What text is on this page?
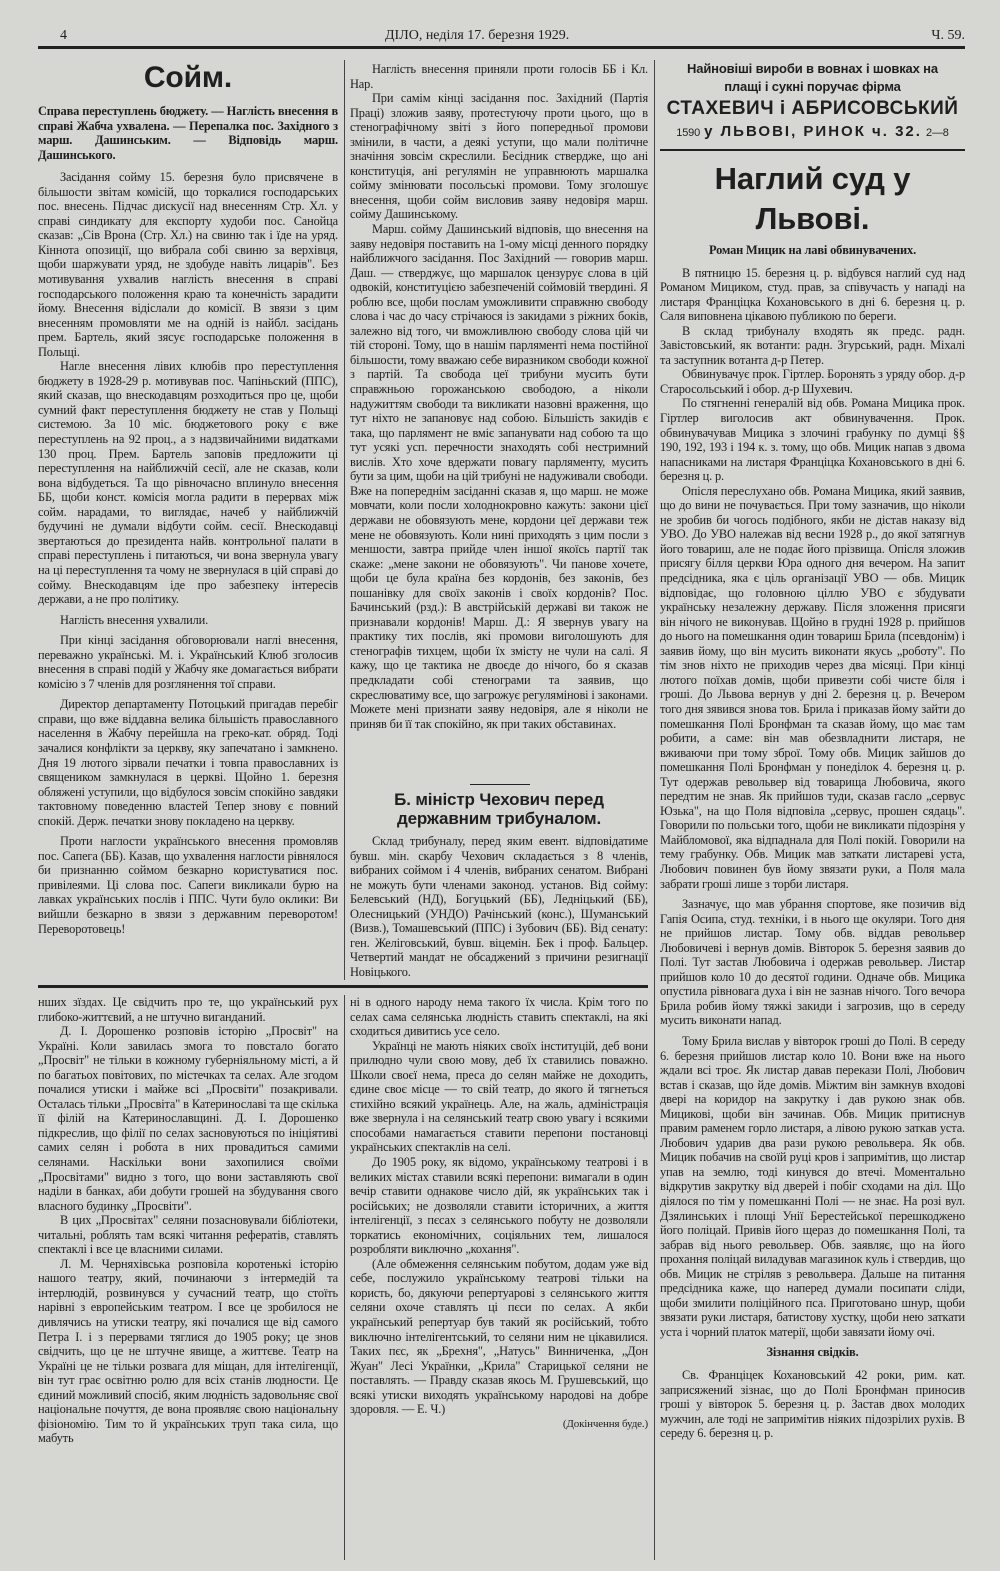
4	ДІЛО, неділя 17. березня 1929.	Ч. 59.

Сойм.

Справа переступлень бюджету. — Наглість внесення в справі Жабча ухвалена. — Перепалка пос. Західного з марш. Дашинським. — Відповідь марш. Дашинського.

Засідання сойму 15. березня було присвячене в більшости звітам комісій, що торкалися господарських пос. внесень. Підчас дискусії над внесенням Стр. Хл. у справі синдикату для експорту худоби пос. Санойца сказав: „Сів Врона (Стр. Хл.) на свиню так і їде на уряд. Кіннота опозиції, що вибрала собі свиню за верхівця, щоби шаржувати уряд, не здобуде навіть лицарів". Без мотивування ухвалив наглість внесення в справі господарського положення краю та конечність зарадити йому. Внесення відіслали до комісії. В звязи з цим внесенням промовляти ме на одній із найбл. засідань прем. Бартель, який зясує господарське положення в Польщі.

Нагле внесення лівих клюбів про переступлення бюджету в 1928-29 р. мотивував пос. Чапіньский (ППС), який сказав, що внескодавцям розходиться про це, щоби сумний факт переступлення бюджету не став у Польщі системою. За 10 міс. бюджетового року є вже переступлень на 92 проц., а з надзвичайними видатками 130 проц. Прем. Бартель заповів предложити ці переступлення на найближчій сесії, але не сказав, коли вона відбудеться. Та що рівночасно вплинуло внесення ББ, щоби конст. комісія могла радити в перервах між сойм. нарадами, то виглядає, начеб у найближчій будучині не думали відбути сойм. сесії. Внескодавці звертаються до президента найв. контрольної палати в справі переступлень і питаються, чи вона звернула увагу на ці переступлення та чому не звернулася в цій справі до сойму. Внескодавцям іде про забезпеку інтересів держави, а не про політику.

Наглість внесення ухвалили.

При кінці засідання обговорювали наглі внесення, переважно українські. М. і. Український Клюб зголосив внесення в справі подій у Жабчу яке домагається вибрати комісію з 7 членів для розглянення тої справи.

Директор департаменту Потоцький пригадав перебіг справи, що вже віддавна велика більшість православного населення в Жабчу перейшла на греко-кат. обряд. Тоді зачалися конфлікти за церкву, яку запечатано і замкнено. Дня 19 лютого зірвали печатки і товпа православних із священиком замкнулася в церкві. Щойно 1. березня обляжені уступили, що відбулося зовсім спокійно завдяки тактовному поведенню властей Тепер знову є повний спокій. Держ. печатки знову покладено на церкву.

Проти наглости українського внесення промовляв пос. Сапега (ББ). Казав, що ухвалення наглости рівнялося би признанню соймом безкарно користуватися пос. привілеями. Ці слова пос. Сапеги викликали бурю на лавках українських послів і ППС. Чути було оклики: Ви вийшли безкарно в звязи з державним переворотом! Переворотовець!

Наглість внесення приняли проти голосів ББ і Кл. Нар.

При самім кінці засідання пос. Західний (Партія Праці) зложив заяву, протестуючу проти цього, що в стенографічному звіті з його попередньої промови змінили, в части, а деякі уступи, що мали політичне значіння зовсім скреслили. Бесідник ствердже, що ані конституція, ані регулямін не управнюють маршалка сойму змінювати посольські промови. Тому зголошує внесення, щоби сойм висловив заяву недовіря марш. сойму Дашинському.

Марш. сойму Дашинський відповів, що внесення на заяву недовіря поставить на 1-ому місці денного порядку найближчого засідання. Пос Західний — говорив марш. Даш. — стверджує, що маршалок цензурує слова в цій одвокій, конституцією забезпеченій соймовій твердині. Я роблю все, щоби послам уможливити справжню свободу слова і час до часу стрічаюся із закидами з ріжних боків, залежно від того, чи вможливлюю свободу слова цій чи тій стороні. Тому, що в нашім парляменті нема постійної більшости, тому вважаю себе виразником свободи кожної з партій. Та свобода цеї трибуни мусить бути справжньою горожанською свободою, а ніколи надужиттям свободи та викликати назовні враження, що тут ніхто не запановує над собою. Більшість закидів є така, що парлямент не вміє запанувати над собою та що тут усякі усп. перечности знаходять собі нестримний вислів. Хто хоче вдержати повагу парляменту, мусить бути за цим, щоби на цій трибуні не надуживали свободи. Вже на попереднім засіданні сказав я, що марш. не може мовчати, коли посли холоднокровно кажуть: закони цієї держави не обовязують мене, кордони цеї держави теж мене не обовязують. Коли нині приходять з цим посли з меншости, завтра прийде член іншої якоїсь партії так скаже: „мене закони не обовязують". Чи панове хочете, щоби це була країна без кордонів, без законів, без пошанівку для своїх законів і своїх кордонів? Пос. Бачинський (рзд.): В австрійській державі ви також не признавали кордонів! Марш. Д.: Я звернув увагу на практику тих послів, які промови виголошують для стенографів тихцем, щоби їх змісту не чули на салі. Я кажу, що це тактика не двоєде до нічого, бо я сказав предкладати собі стенограми та заявив, що скреслюватиму все, що загрожує регулямінові і законами. Можете мені признати заяву недовіря, але я ніколи не приняв би її так спокійно, як при таких обставинах.

Б. міністр Чехович перед державним трибуналом.

Склад трибуналу, перед яким евент. відповідатиме бувш. мін. скарбу Чехович складається з 8 членів, вибраних соймом і 4 членів, вибраних сенатом. Вибрані не можуть бути членами законод. установ. Від сойму: Белевський (НД), Богуцький (ББ), Ледніцький (ББ), Олесницький (УНДО) Рачінський (конс.), Шуманський (Визв.), Томашевський (ППС) і Зубович (ББ). Від сенату: ген. Желіговський, бувш. віцемін. Бек і проф. Бальцер. Четвертий мандат не обсаджений з причини резигнації Новіцького.

Найновіші вироби в вовнах і шовках на
плащі і сукні поручає фірма
СТАХЕВИЧ і АБРИСОВСЬКИЙ
1590 у ЛЬВОВІ, РИНОК ч. 32. 2—8

Наглий суд у Львові.

Роман Мицик на лаві обвинувачених.

В пятницю 15. березня ц. р. відбувся наглий суд над Романом Мициком, студ. прав, за співучасть у нападі на листаря Франціцка Кохановського в дні 6. березня ц. р. Саля виповнена цікавою публикою по береги.

В склад трибуналу входять як предс. радн. Завістовський, як вотанти: радн. Згурський, радн. Міхалі та заступник вотанта д-р Петер.

Обвинувачує прок. Гіртлер. Боронять з уряду обор. д-р Старосольський і обор. д-р Шухевич.

По стягненні генералій від обв. Романа Мицика прок. Гіртлер виголосив акт обвинувачення. Прок. обвинувачував Мицика з злочині грабунку по думці §§ 190, 192, 193 і 194 к. з. тому, що обв. Мицик напав з двома напасниками на листаря Франціцка Кохановського в дні 6. березня ц. р.

Опісля переслухано обв. Романа Мицика, який заявив, що до вини не почувається. При тому зазначив, що ніколи не зробив би чогось подібного, якби не дістав наказу від УВО. До УВО належав від весни 1928 р., до якої затягнув його товариш, але не подає його прізвища. Опісля зложив присягу білля церкви Юра одного дня вечером. На запит предсідника, яка є ціль організації УВО — обв. Мицик відповідає, що головною ціллю УВО є збудувати українську незалежну державу. Після зложення присяги він нічого не виконував. Щойно в грудні 1928 р. прийшов до нього на помешкання один товариш Брила (псевдонім) і заявив йому, що він мусить виконати якусь „роботу". По тім знов ніхто не приходив через два місяці. При кінці лютого поїхав домів, щоби привезти собі чисте біля і гроші. До Львова вернув у дні 2. березня ц. р. Вечером того дня зявився знова тов. Брила і приказав йому зайти до помешкання Полі Бронфман та сказав йому, що має там робити, а саме: він мав обезвладнити листаря, не вживаючи при тому зброї. Тому обв. Мицик зайшов до помешкання Полі Бронфман у понеділок 4. березня ц. р. Тут одержав револьвер від товарища Любовича, якого передтим не знав. Як прийшов туди, сказав гасло „сервус Юзька", на що Поля відповіла „сервус, прошен сядаць". Говорили по польськи того, щоби не викликати підозріня у Майбломової, яка відпаднала для Полі покій. Говорили на тему грабунку. Обв. Мицик мав заткати листареві уста, Любович повинен був йому звязати руки, а Поля мала забрати гроші лише з торби листаря.

Зазначує, що мав убрання спортове, яке позичив від Гапія Осипа, студ. техніки, і в нього ще окуляри. Того дня не прийшов листар. Тому обв. віддав револьвер Любовичеві і вернув домів. Вівторок 5. березня заявив до Полі. Тут застав Любовича і одержав револьвер. Листар прийшов коло 10 до десятої години. Одначе обв. Мицика опустила рівновага духа і він не зазнав нічого. Того вечора Брила робив йому тяжкі закиди і загрозив, що в середу мусить виконати напад.

Тому Брила вислав у вівторок гроші до Полі. В середу 6. березня прийшов листар коло 10. Вони вже на нього ждали всі троє. Як листар давав перекази Полі, Любович встав і сказав, що йде домів. Міжтим він замкнув входові двері на коридор на закрутку і дав рукою знак обв. Мицикові, щоби він зачинав. Обв. Мицик притиснув правим раменем горло листаря, а лівою рукою заткав уста. Любович ударив два рази рукою револьвера. Як обв. Мицик побачив на своїй руці кров і запримітив, що листар упав на землю, тоді кинувся до втечі. Моментально відкрутив закрутку від дверей і побіг сходами на діл. Що діялося по тім у помешканні Полі — не знає. На розі вул. Дзялинських і площі Унії Берестейської перешкоджено його поліцай. Привів його щераз до помешкання Полі, та забрав від нього револьвер. Обв. заявляє, що на його прохання поліцай виладував магазинок куль і ствердив, що обв. Мицик не стріляв з револьвера. Дальше на питання предсідника каже, що наперед думали посипати сліди, щоби змилити поліційного пса. Приготовано шнур, щоби звязати руки листаря, батистову хустку, щоби нею заткати уста і чорний платок матерії, щоби завязати йому очі.

Зізнання свідків.

Св. Франціцек Кохановський 42 роки, рим. кат. заприсяжений зізнає, що до Полі Бронфман приносив гроші у вівторок 5. березня ц. р. Застав двох молодих мужчин, але тоді не запримітив ніяких підозрілих рухів. В середу 6. березня ц. р.

нших зїздах. Це свідчить про те, що український рух глибоко-життєвий, а не штучно виганданий.

Д. І. Дорошенко розповів історію „Просвіт" на Україні. Коли завилась змога то повстало богато „Просвіт" не тільки в кожному губерніяльному місті, а й по багатьох повітових, по містечках та селах. Але згодом почалися утиски і майже всі „Просвіти" позакривали. Осталась тільки „Просвіта" в Катеринославі та ще скілька її філій на Катеринославщині. Д. І. Дорошенко підкреслив, що філії по селах засновуються по ініціятиві самих селян і робота в них провадиться самими селянами. Наскільки вони захопилися своїми „Просвітами" видно з того, що вони заставляють свої наділи в банках, аби добути грошей на збудування свого власного будинку „Просвіти".

В цих „Просвітах" селяни позасновували бібліотеки, читальні, роблять там всякі читання рефератів, ставлять спектаклі і все це власними силами.

Л. М. Черняхівська розповіла коротенькі історію нашого театру, який, починаючи з інтермедій та інтерлюдій, розвинувся у сучасний театр, що стоїть нарівні з европейським театром. І все це зробилося не дивлячись на утиски театру, які почалися ще від самого Петра І. і з перервами тяглися до 1905 року; це знов свідчить, що це не штучне явище, а життєве. Театр на Україні це не тільки розвага для міщан, для інтелігенції, він тут грає освітню ролю для всіх станів людности. Це єдиний можливий спосіб, яким людність задовольняє свої національне почуття, де вона проявляє свою національну фізіономію. Тим то й українських труп така сила, що мабуть

ні в одного народу нема такого їх числа. Крім того по селах сама селянська людність ставить спектаклі, на які сходиться дивитись усе село.

Українці не мають ніяких своїх інституцій, деб вони прилюдно чули свою мову, деб їх ставились поважно. Школи своєї нема, преса до селян майже не доходить, єдине своє місце — то свій театр, до якого й тягнеться стихійно всякий українець. Але, на жаль, адміністрація вже звернула і на селянський театр свою увагу і всякими способами намагається ставити перепони постановці українських спектаклів на селі.

До 1905 року, як відомо, українському театрові і в великих містах ставили всякі перепони: вимагали в один вечір ставити однакове число дій, як українських так і російських; не дозволяли ставити історичних, а життя інтелігенції, з пєсах з селянського побуту не дозволяли торкатись економічних, соціяльних тем, лишалося розробляти виключно „кохання".

(Але обмеження селянським побутом, додам уже від себе, послужило українському театрові тільки на користь, бо, дякуючи репертуарові з селянського життя селяни охоче ставлять ці пєси по селах. А якби український репертуар був такий як російський, тобто виключно інтелігентський, то селяни ним не цікавилися. Таких пєс, як „Брехня", „Натусь" Винниченка, „Дон Жуан" Лесі Українки, „Крила" Старицької селяни не поставлять. — Правду сказав якось М. Грушевський, що всякі утиски виходять українському народові на добре здоровля. — Е. Ч.)

(Докінчення буде.)
